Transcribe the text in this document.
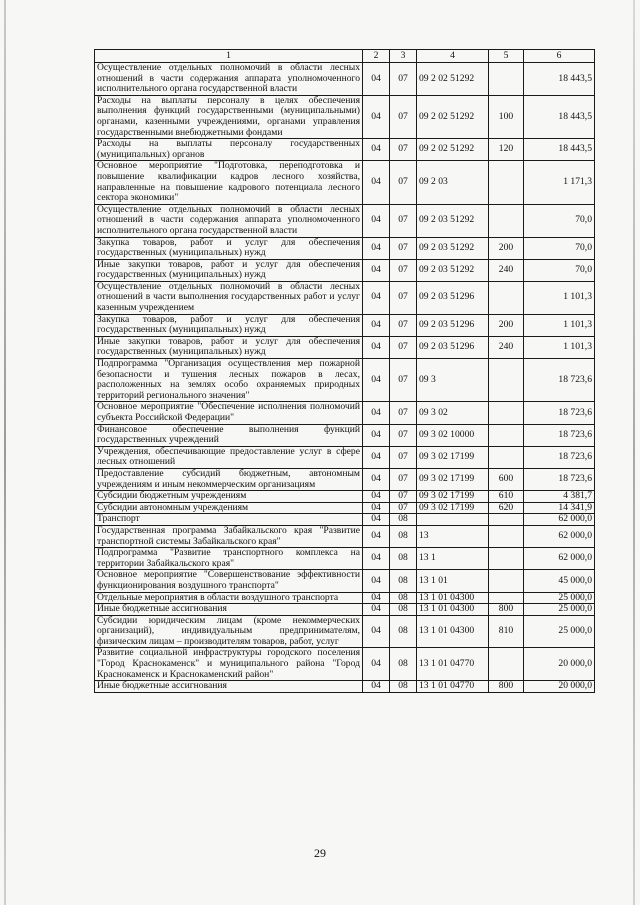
1	2	3	4	5	6
Осуществление отдельных полномочий в области лесных отношений в части содержания аппарата уполномоченного исполнительного органа государственной власти	04	07	09 2 02 51292		18 443,5
Расходы на выплаты персоналу в целях обеспечения выполнения функций государственными (муниципальными) органами, казенными учреждениями, органами управления государственными внебюджетными фондами	04	07	09 2 02 51292	100	18 443,5
Расходы на выплаты персоналу государственных (муниципальных) органов	04	07	09 2 02 51292	120	18 443,5
Основное мероприятие "Подготовка, переподготовка и повышение квалификации кадров лесного хозяйства, направленные на повышение кадрового потенциала лесного сектора экономики"	04	07	09 2 03		1 171,3
Осуществление отдельных полномочий в области лесных отношений в части содержания аппарата уполномоченного исполнительного органа государственной власти	04	07	09 2 03 51292		70,0
Закупка товаров, работ и услуг для обеспечения государственных (муниципальных) нужд	04	07	09 2 03 51292	200	70,0
Иные закупки товаров, работ и услуг для обеспечения государственных (муниципальных) нужд	04	07	09 2 03 51292	240	70,0
Осуществление отдельных полномочий в области лесных отношений в части выполнения государственных работ и услуг казенным учреждением	04	07	09 2 03 51296		1 101,3
Закупка товаров, работ и услуг для обеспечения государственных (муниципальных) нужд	04	07	09 2 03 51296	200	1 101,3
Иные закупки товаров, работ и услуг для обеспечения государственных (муниципальных) нужд	04	07	09 2 03 51296	240	1 101,3
Подпрограмма "Организация осуществления мер пожарной безопасности и тушения лесных пожаров в лесах, расположенных на землях особо охраняемых природных территорий регионального значения"	04	07	09 3		18 723,6
Основное мероприятие "Обеспечение исполнения полномочий субъекта Российской Федерации"	04	07	09 3 02		18 723,6
Финансовое обеспечение выполнения функций государственных учреждений	04	07	09 3 02 10000		18 723,6
Учреждения, обеспечивающие предоставление услуг в сфере лесных отношений	04	07	09 3 02 17199		18 723,6
Предоставление субсидий бюджетным, автономным учреждениям и иным некоммерческим организациям	04	07	09 3 02 17199	600	18 723,6
Субсидии бюджетным учреждениям	04	07	09 3 02 17199	610	4 381,7
Субсидии автономным учреждениям	04	07	09 3 02 17199	620	14 341,9
Транспорт	04	08			62 000,0
Государственная программа Забайкальского края "Развитие транспортной системы Забайкальского края"	04	08	13		62 000,0
Подпрограмма "Развитие транспортного комплекса на территории Забайкальского края"	04	08	13 1		62 000,0
Основное мероприятие "Совершенствование эффективности функционирования воздушного транспорта"	04	08	13 1 01		45 000,0
Отдельные мероприятия в области воздушного транспорта	04	08	13 1 01 04300		25 000,0
Иные бюджетные ассигнования	04	08	13 1 01 04300	800	25 000,0
Субсидии юридическим лицам (кроме некоммерческих организаций), индивидуальным предпринимателям, физическим лицам – производителям товаров, работ, услуг	04	08	13 1 01 04300	810	25 000,0
Развитие социальной инфраструктуры городского поселения "Город Краснокаменск" и муниципального района "Город Краснокаменск и Краснокаменский район"	04	08	13 1 01 04770		20 000,0
Иные бюджетные ассигнования	04	08	13 1 01 04770	800	20 000,0
29
